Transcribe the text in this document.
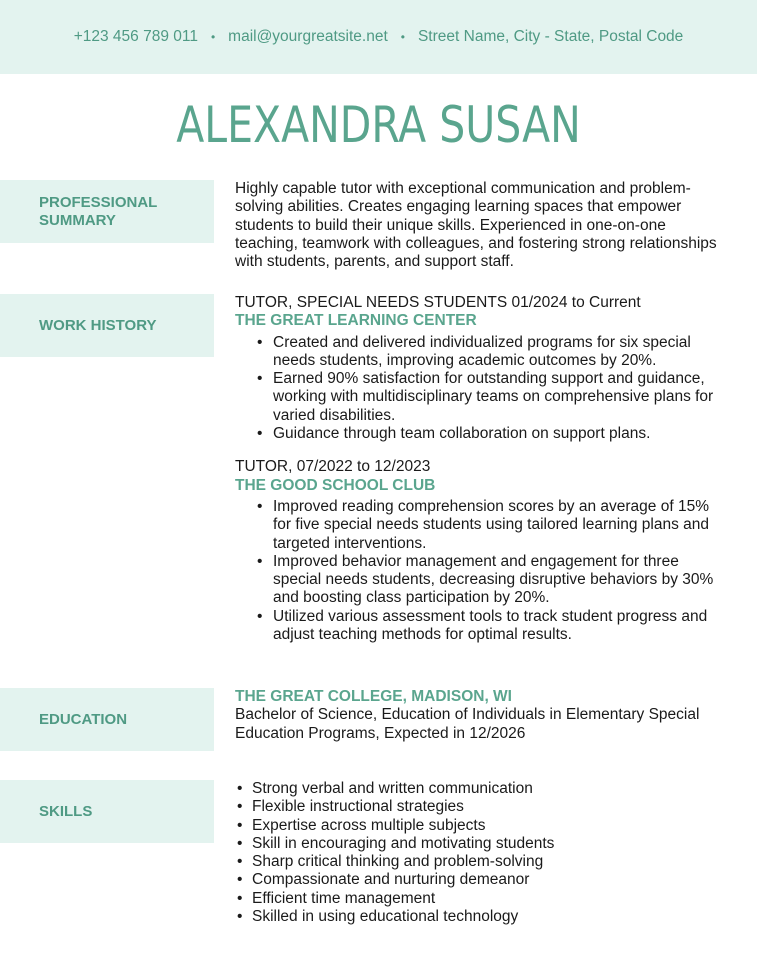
+123 456 789 011 • mail@yourgreatsite.net • Street Name, City - State, Postal Code
ALEXANDRA SUSAN
PROFESSIONAL SUMMARY
Highly capable tutor with exceptional communication and problem-solving abilities. Creates engaging learning spaces that empower students to build their unique skills. Experienced in one-on-one teaching, teamwork with colleagues, and fostering strong relationships with students, parents, and support staff.
WORK HISTORY
TUTOR, SPECIAL NEEDS STUDENTS 01/2024 to Current
THE GREAT LEARNING CENTER
• Created and delivered individualized programs for six special needs students, improving academic outcomes by 20%.
• Earned 90% satisfaction for outstanding support and guidance, working with multidisciplinary teams on comprehensive plans for varied disabilities.
• Guidance through team collaboration on support plans.
TUTOR, 07/2022 to 12/2023
THE GOOD SCHOOL CLUB
• Improved reading comprehension scores by an average of 15% for five special needs students using tailored learning plans and targeted interventions.
• Improved behavior management and engagement for three special needs students, decreasing disruptive behaviors by 30% and boosting class participation by 20%.
• Utilized various assessment tools to track student progress and adjust teaching methods for optimal results.
EDUCATION
THE GREAT COLLEGE, MADISON, WI
Bachelor of Science, Education of Individuals in Elementary Special Education Programs, Expected in 12/2026
SKILLS
• Strong verbal and written communication
• Flexible instructional strategies
• Expertise across multiple subjects
• Skill in encouraging and motivating students
• Sharp critical thinking and problem-solving
• Compassionate and nurturing demeanor
• Efficient time management
• Skilled in using educational technology
